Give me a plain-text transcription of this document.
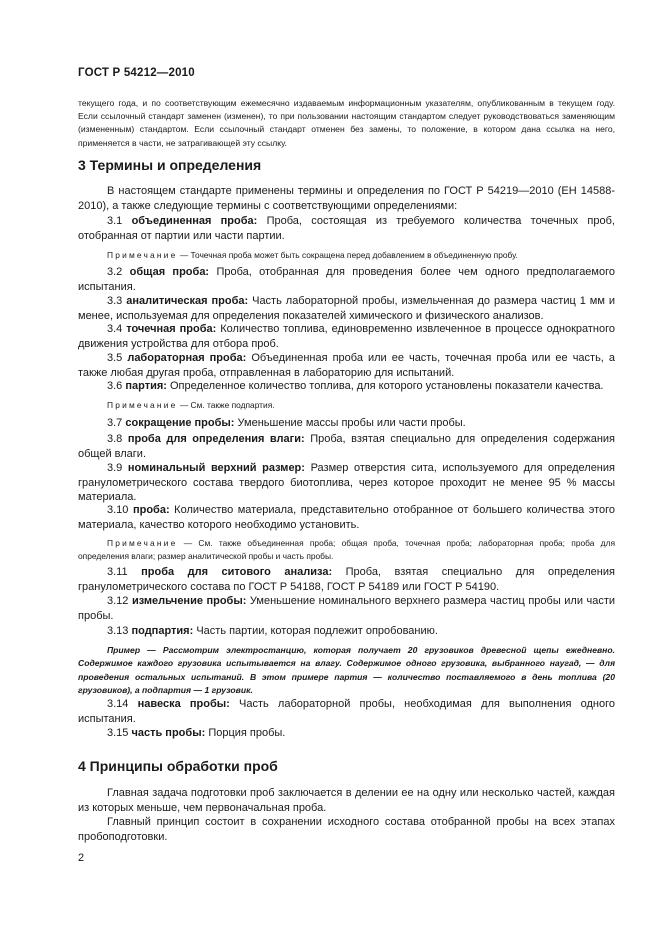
ГОСТ Р 54212—2010
текущего года, и по соответствующим ежемесячно издаваемым информационным указателям, опубликованным в текущем году. Если ссылочный стандарт заменен (изменен), то при пользовании настоящим стандартом следует руководствоваться заменяющим (измененным) стандартом. Если ссылочный стандарт отменен без замены, то положение, в котором дана ссылка на него, применяется в части, не затрагивающей эту ссылку.
3 Термины и определения
В настоящем стандарте применены термины и определения по ГОСТ Р 54219—2010 (ЕН 14588-2010), а также следующие термины с соответствующими определениями:
3.1 объединенная проба: Проба, состоящая из требуемого количества точечных проб, отобранная от партии или части партии.
Примечание — Точечная проба может быть сокращена перед добавлением в объединенную пробу.
3.2 общая проба: Проба, отобранная для проведения более чем одного предполагаемого испытания.
3.3 аналитическая проба: Часть лабораторной пробы, измельченная до размера частиц 1 мм и менее, используемая для определения показателей химического и физического анализов.
3.4 точечная проба: Количество топлива, единовременно извлеченное в процессе однократного движения устройства для отбора проб.
3.5 лабораторная проба: Объединенная проба или ее часть, точечная проба или ее часть, а также любая другая проба, отправленная в лабораторию для испытаний.
3.6 партия: Определенное количество топлива, для которого установлены показатели качества.
Примечание — См. также подпартия.
3.7 сокращение пробы: Уменьшение массы пробы или части пробы.
3.8 проба для определения влаги: Проба, взятая специально для определения содержания общей влаги.
3.9 номинальный верхний размер: Размер отверстия сита, используемого для определения гранулометрического состава твердого биотоплива, через которое проходит не менее 95 % массы материала.
3.10 проба: Количество материала, представительно отобранное от большего количества этого материала, качество которого необходимо установить.
Примечание — См. также объединенная проба; общая проба, точечная проба; лабораторная проба; проба для определения влаги; размер аналитической пробы и часть пробы.
3.11 проба для ситового анализа: Проба, взятая специально для определения гранулометрического состава по ГОСТ Р 54188, ГОСТ Р 54189 или ГОСТ Р 54190.
3.12 измельчение пробы: Уменьшение номинального верхнего размера частиц пробы или части пробы.
3.13 подпартия: Часть партии, которая подлежит опробованию.
Пример — Рассмотрим электростанцию, которая получает 20 грузовиков древесной щепы ежедневно. Содержимое каждого грузовика испытывается на влагу. Содержимое одного грузовика, выбранного наугад, — для проведения остальных испытаний. В этом примере партия — количество поставляемого в день топлива (20 грузовиков), а подпартия — 1 грузовик.
3.14 навеска пробы: Часть лабораторной пробы, необходимая для выполнения одного испытания.
3.15 часть пробы: Порция пробы.
4 Принципы обработки проб
Главная задача подготовки проб заключается в делении ее на одну или несколько частей, каждая из которых меньше, чем первоначальная проба.
Главный принцип состоит в сохранении исходного состава отобранной пробы на всех этапах пробоподготовки.
2
